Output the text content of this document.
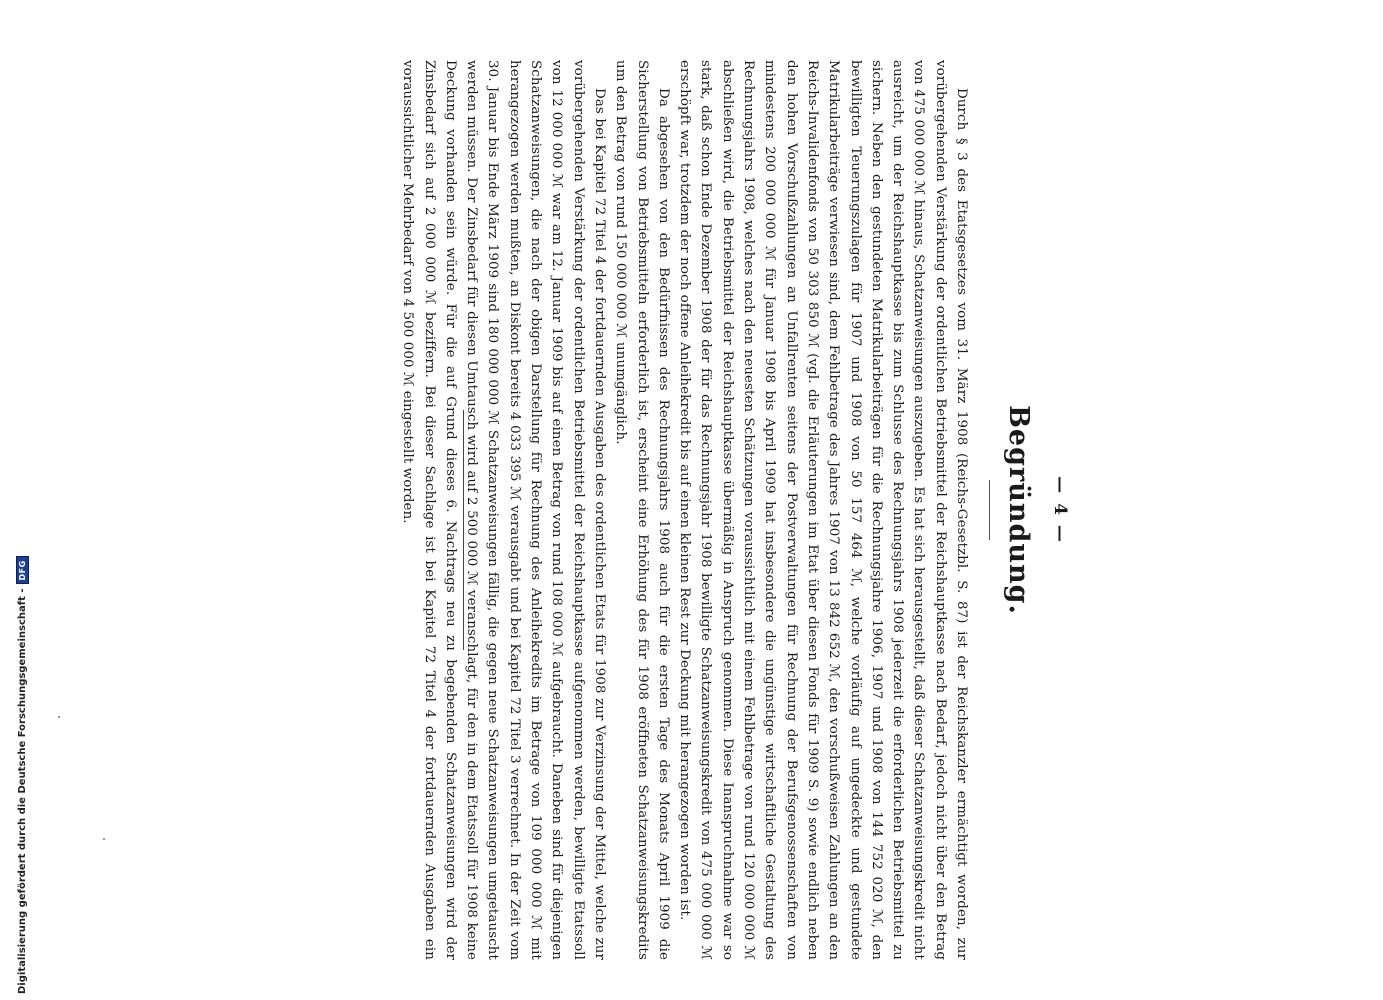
— 4 —
Begründung.

Durch § 3 des Etatsgesetzes vom 31. März 1908 (Reichs-Gesetzbl. S. 87) ist der Reichskanzler ermächtigt worden, zur vorübergehenden Verstärkung der ordentlichen Betriebsmittel der Reichshauptkasse nach Bedarf, jedoch nicht über den Betrag von 475 000 000 ℳ hinaus, Schatzanweisungen auszugeben. Es hat sich herausgestellt, daß dieser Schatzanweisungskredit nicht ausreicht, um der Reichshauptkasse bis zum Schlusse des Rechnungsjahrs 1908 jederzeit die erforderlichen Betriebsmittel zu sichern. Neben den gestundeten Matrikularbeiträgen für die Rechnungsjahre 1906, 1907 und 1908 von 144 752 020 ℳ, den bewilligten Teuerungszulagen für 1907 und 1908 von 50 157 464 ℳ, welche vorläufig auf ungedeckte und gestundete Matrikularbeiträge verwiesen sind, dem Fehlbetrage des Jahres 1907 von 13 842 652 ℳ, den vorschußweisen Zahlungen an den Reichs-Invalidenfonds von 50 303 850 ℳ (vgl. die Erläuterungen im Etat über diesen Fonds für 1909 S. 9) sowie endlich neben den hohen Vorschußzahlungen an Unfallrenten seitens der Postverwaltungen für Rechnung der Berufsgenossenschaften von mindestens 200 000 000 ℳ für Januar 1908 bis April 1909 hat insbesondere die ungünstige wirtschaftliche Gestaltung des Rechnungsjahrs 1908, welches nach den neuesten Schätzungen voraussichtlich mit einem Fehlbetrage von rund 120 000 000 ℳ abschließen wird, die Betriebsmittel der Reichshauptkasse übermäßig in Anspruch genommen. Diese Inanspruchnahme war so stark, daß schon Ende Dezember 1908 der für das Rechnungsjahr 1908 bewilligte Schatzanweisungskredit von 475 000 000 ℳ erschöpft war, trotzdem der noch offene Anleihekredit bis auf einen kleinen Rest zur Deckung mit herangezogen worden ist.

Da abgesehen von den Bedürfnissen des Rechnungsjahrs 1908 auch für die ersten Tage des Monats April 1909 die Sicherstellung von Betriebsmitteln erforderlich ist, erscheint eine Erhöhung des für 1908 eröffneten Schatzanweisungskredits um den Betrag von rund 150 000 000 ℳ unumgänglich.

Das bei Kapitel 72 Titel 4 der fortdauernden Ausgaben des ordentlichen Etats für 1908 zur Verzinsung der Mittel, welche zur vorübergehenden Verstärkung der ordentlichen Betriebsmittel der Reichshauptkasse aufgenommen werden, bewilligte Etatssoll von 12 000 000 ℳ war am 12. Januar 1909 bis auf einen Betrag von rund 108 000 ℳ aufgebraucht. Daneben sind für diejenigen Schatzanweisungen, die nach der obigen Darstellung für Rechnung des Anleihekredits im Betrage von 109 000 000 ℳ mit herangezogen werden mußten, an Diskont bereits 4 033 395 ℳ verausgabt und bei Kapitel 72 Titel 3 verrechnet. In der Zeit vom 30. Januar bis Ende März 1909 sind 180 000 000 ℳ Schatzanweisungen fällig, die gegen neue Schatzanweisungen umgetauscht werden müssen. Der Zinsbedarf für diesen Umtausch wird auf 2 500 000 ℳ veranschlagt, für den in dem Etatssoll für 1908 keine Deckung vorhanden sein würde. Für die auf Grund dieses 6. Nachtrags neu zu begebenden Schatzanweisungen wird der Zinsbedarf sich auf 2 000 000 ℳ beziffern. Bei dieser Sachlage ist bei Kapitel 72 Titel 4 der fortdauernden Ausgaben ein voraussichtlicher Mehrbedarf von 4 500 000 ℳ eingestellt worden.

Digitalisierung gefördert durch die Deutsche Forschungsgemeinschaft -
DFG
